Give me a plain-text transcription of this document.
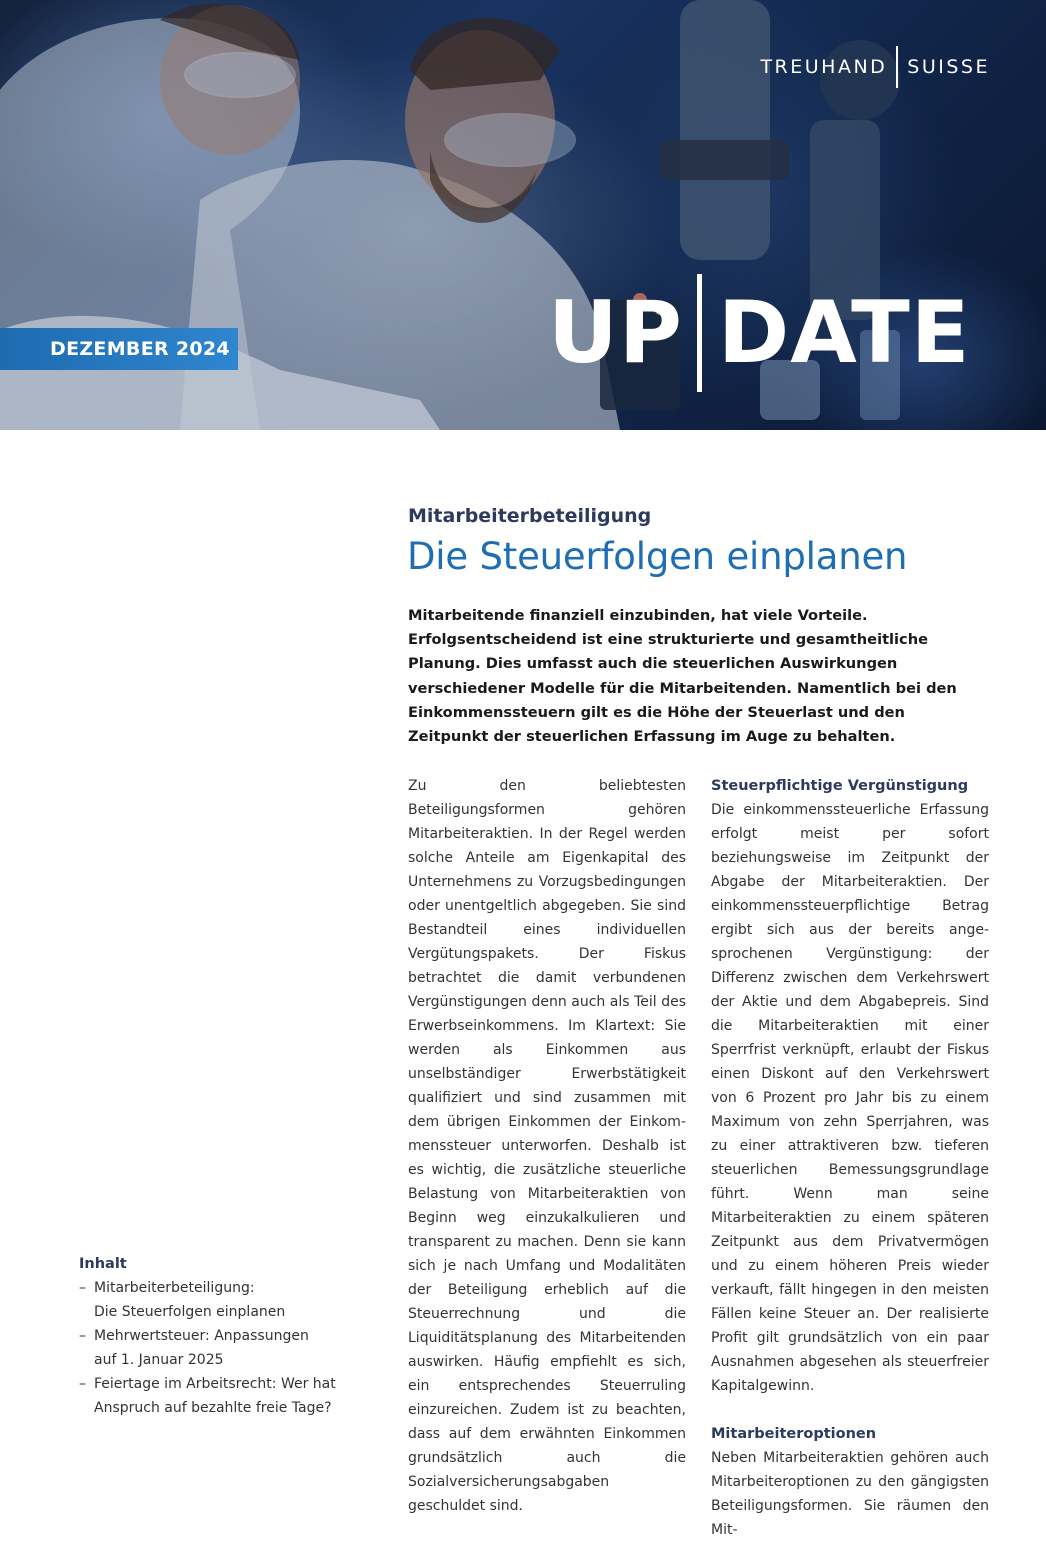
TREUHAND SUISSE
DEZEMBER 2024	UP DATE
Mitarbeiterbeteiligung
Die Steuerfolgen einplanen

Mitarbeitende finanziell einzubinden, hat viele Vorteile. Erfolgsentscheidend ist eine strukturierte und gesamtheitliche Planung. Dies umfasst auch die steuerlichen Auswirkungen verschiedener Modelle für die Mitarbeitenden. Namentlich bei den Einkommenssteuern gilt es die Höhe der Steuerlast und den Zeitpunkt der steuerlichen Erfassung im Auge zu behalten.

Zu den beliebtesten Beteiligungsformen gehören Mitarbeiteraktien. In der Regel werden solche Anteile am Eigenkapital des Unternehmens zu Vorzugsbedingungen oder unentgeltlich abgegeben. Sie sind Bestandteil eines individuellen Vergütungspakets. Der Fiskus betrachtet die damit verbundenen Vergünstigungen denn auch als Teil des Erwerbseinkommens. Im Klartext: Sie werden als Einkommen aus unselbständiger Erwerbstätigkeit qualifiziert und sind zusammen mit dem übrigen Einkommen der Einkommenssteuer unterworfen. Deshalb ist es wichtig, die zusätzliche steuerliche Belastung von Mitarbeiteraktien von Beginn weg einzukalkulieren und transparent zu machen. Denn sie kann sich je nach Umfang und Modalitäten der Beteiligung erheblich auf die Steuerrechnung und die Liquiditätsplanung des Mitarbeitenden auswirken. Häufig empfiehlt es sich, ein entsprechendes Steuerruling einzureichen. Zudem ist zu beachten, dass auf dem erwähnten Einkommen grundsätzlich auch die Sozialversicherungsabgaben geschuldet sind.

Steuerpflichtige Vergünstigung

Die einkommenssteuerliche Erfassung erfolgt meist per sofort beziehungsweise im Zeitpunkt der Abgabe der Mitarbeiteraktien. Der einkommenssteuerpflichtige Betrag ergibt sich aus der bereits angesprochenen Vergünstigung: der Differenz zwischen dem Verkehrswert der Aktie und dem Abgabepreis. Sind die Mitarbeiteraktien mit einer Sperrfrist verknüpft, erlaubt der Fiskus einen Diskont auf den Verkehrswert von 6 Prozent pro Jahr bis zu einem Maximum von zehn Sperrjahren, was zu einer attraktiveren bzw. tieferen steuerlichen Bemessungsgrundlage führt. Wenn man seine Mitarbeiteraktien zu einem späteren Zeitpunkt aus dem Privatvermögen und zu einem höheren Preis wieder verkauft, fällt hingegen in den meisten Fällen keine Steuer an. Der realisierte Profit gilt grundsätzlich von ein paar Ausnahmen abgesehen als steuerfreier Kapitalgewinn.

Mitarbeiteroptionen

Neben Mitarbeiteraktien gehören auch Mitarbeiteroptionen zu den gängigsten Beteiligungsformen. Sie räumen den Mit-

Inhalt
– Mitarbeiterbeteiligung:
Die Steuerfolgen einplanen
– Mehrwertsteuer: Anpassungen
auf 1. Januar 2025
– Feiertage im Arbeitsrecht: Wer hat
Anspruch auf bezahlte freie Tage?
